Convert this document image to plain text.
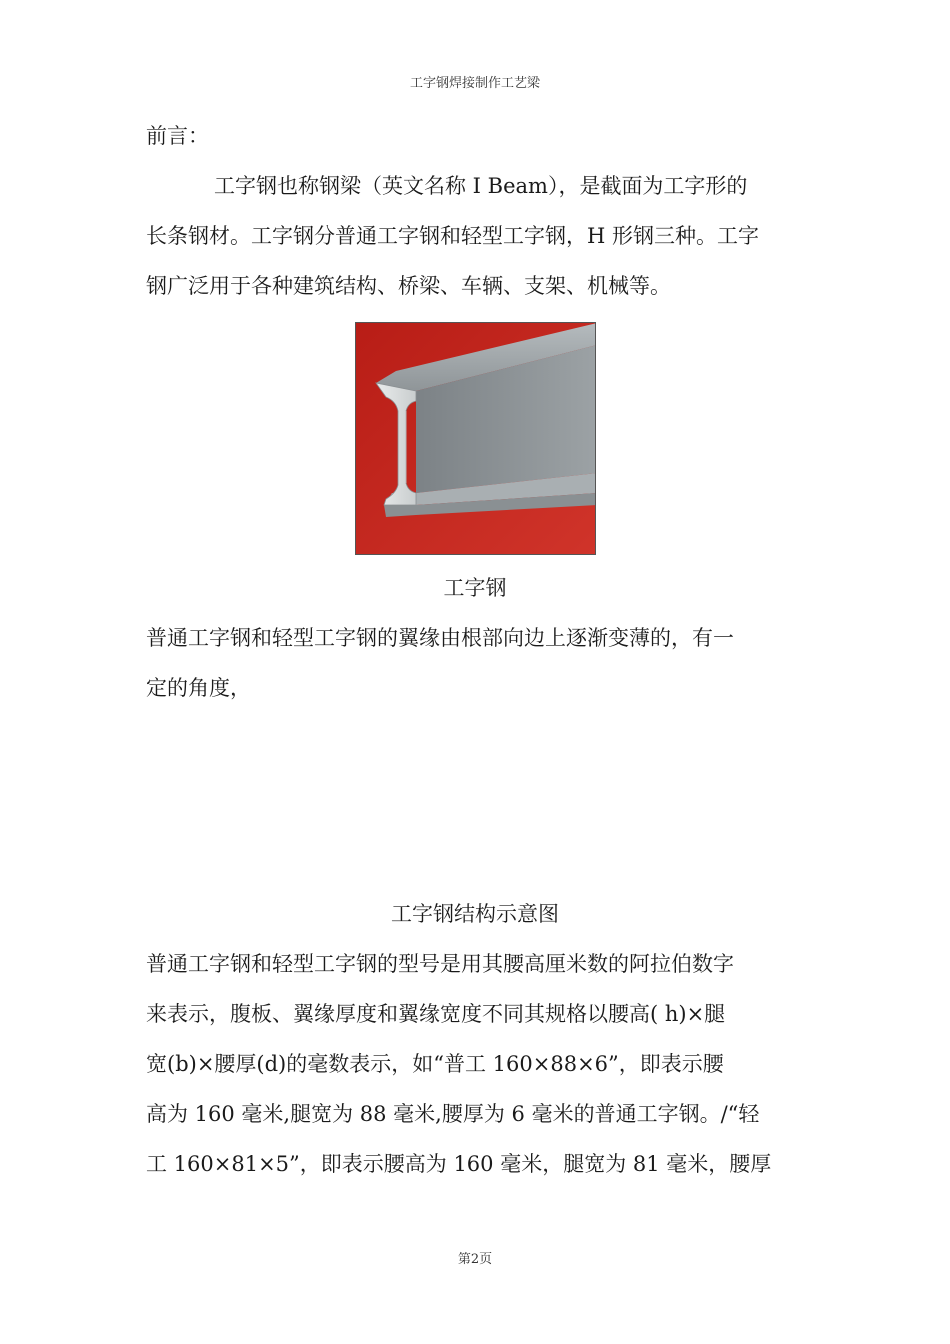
工字钢焊接制作工艺梁
前言：
工字钢也称钢梁（英文名称 I Beam），是截面为工字形的
长条钢材。工字钢分普通工字钢和轻型工字钢，H 形钢三种。工字
钢广泛用于各种建筑结构、桥梁、车辆、支架、机械等。
工字钢
普通工字钢和轻型工字钢的翼缘由根部向边上逐渐变薄的，有一
定的角度，
工字钢结构示意图
普通工字钢和轻型工字钢的型号是用其腰高厘米数的阿拉伯数字
来表示，腹板、翼缘厚度和翼缘宽度不同其规格以腰高( h)×腿
宽(b)×腰厚(d)的毫数表示，如“普工 160×88×6”，即表示腰
高为 160 毫米,腿宽为 88 毫米,腰厚为 6 毫米的普通工字钢。/“轻
工 160×81×5”，即表示腰高为 160 毫米，腿宽为 81 毫米，腰厚
第2页
